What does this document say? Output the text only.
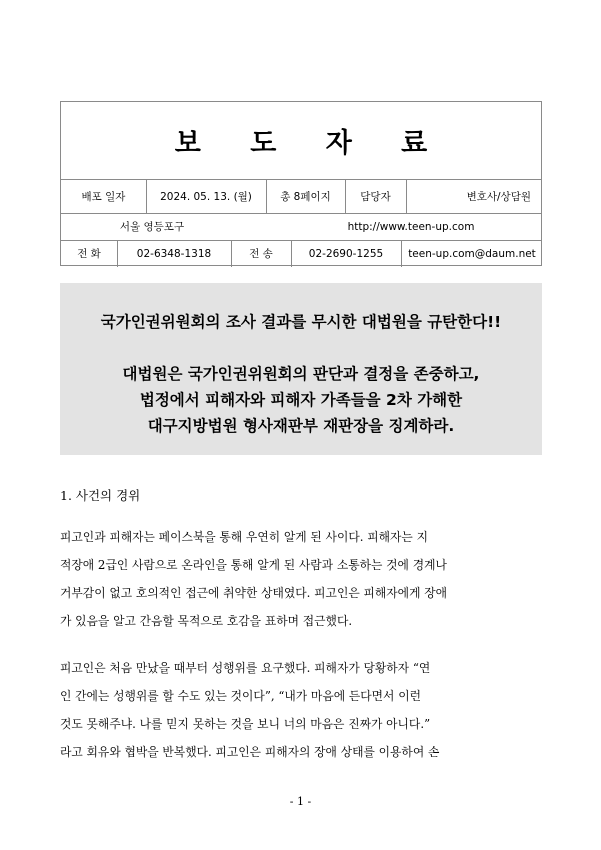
보 도 자 료
배포 일자	2024. 05. 13. (월)	총 8페이지	담당자	변호사/상담원
서울 영등포구	http://www.teen-up.com
전 화	02-6348-1318	전 송	02-2690-1255	teen-up.com@daum.net
국가인권위원회의 조사 결과를 무시한 대법원을 규탄한다!!
대법원은 국가인권위원회의 판단과 결정을 존중하고,
법정에서 피해자와 피해자 가족들을 2차 가해한
대구지방법원 형사재판부 재판장을 징계하라.
1. 사건의 경위
피고인과 피해자는 페이스북을 통해 우연히 알게 된 사이다. 피해자는 지
적장애 2급인 사람으로 온라인을 통해 알게 된 사람과 소통하는 것에 경계나
거부감이 없고 호의적인 접근에 취약한 상태였다. 피고인은 피해자에게 장애
가 있음을 알고 간음할 목적으로 호감을 표하며 접근했다.
피고인은 처음 만났을 때부터 성행위를 요구했다. 피해자가 당황하자 “연
인 간에는 성행위를 할 수도 있는 것이다”, “내가 마음에 든다면서 이런
것도 못해주냐. 나를 믿지 못하는 것을 보니 너의 마음은 진짜가 아니다.”
라고 회유와 협박을 반복했다. 피고인은 피해자의 장애 상태를 이용하여 손
- 1 -
